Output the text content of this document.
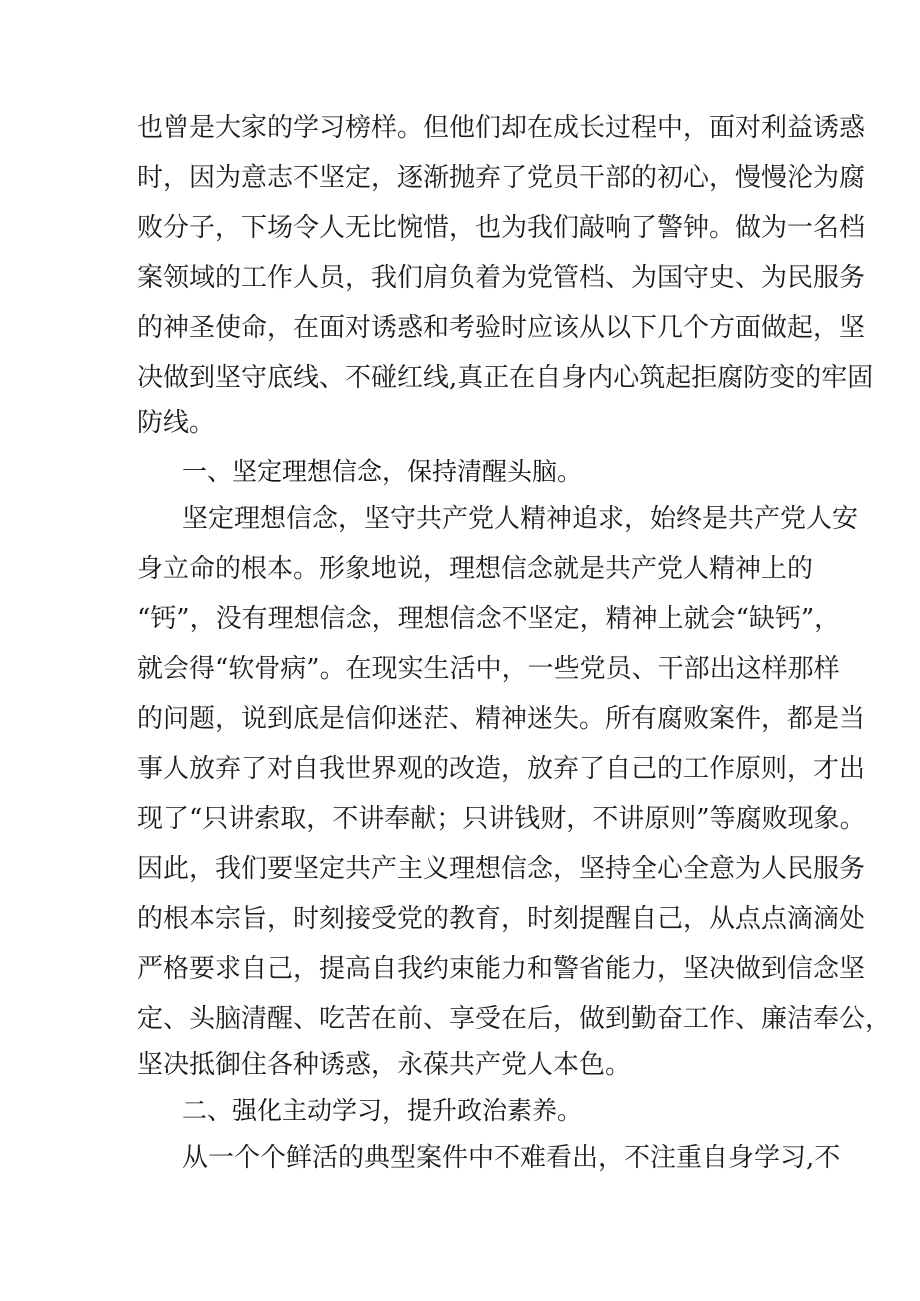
也曾是大家的学习榜样。但他们却在成长过程中，面对利益诱惑
时，因为意志不坚定，逐渐抛弃了党员干部的初心，慢慢沦为腐
败分子，下场令人无比惋惜，也为我们敲响了警钟。做为一名档
案领域的工作人员，我们肩负着为党管档、为国守史、为民服务
的神圣使命，在面对诱惑和考验时应该从以下几个方面做起，坚
决做到坚守底线、不碰红线,真正在自身内心筑起拒腐防变的牢固
防线。
一、坚定理想信念，保持清醒头脑。
坚定理想信念，坚守共产党人精神追求，始终是共产党人安
身立命的根本。形象地说，理想信念就是共产党人精神上的
“钙”，没有理想信念，理想信念不坚定，精神上就会“缺钙”，
就会得“软骨病”。在现实生活中，一些党员、干部出这样那样
的问题，说到底是信仰迷茫、精神迷失。所有腐败案件，都是当
事人放弃了对自我世界观的改造，放弃了自己的工作原则，才出
现了“只讲索取，不讲奉献；只讲钱财，不讲原则”等腐败现象。
因此，我们要坚定共产主义理想信念，坚持全心全意为人民服务
的根本宗旨，时刻接受党的教育，时刻提醒自己，从点点滴滴处
严格要求自己，提高自我约束能力和警省能力，坚决做到信念坚
定、头脑清醒、吃苦在前、享受在后，做到勤奋工作、廉洁奉公，
坚决抵御住各种诱惑，永葆共产党人本色。
二、强化主动学习，提升政治素养。
从一个个鲜活的典型案件中不难看出，不注重自身学习,不
